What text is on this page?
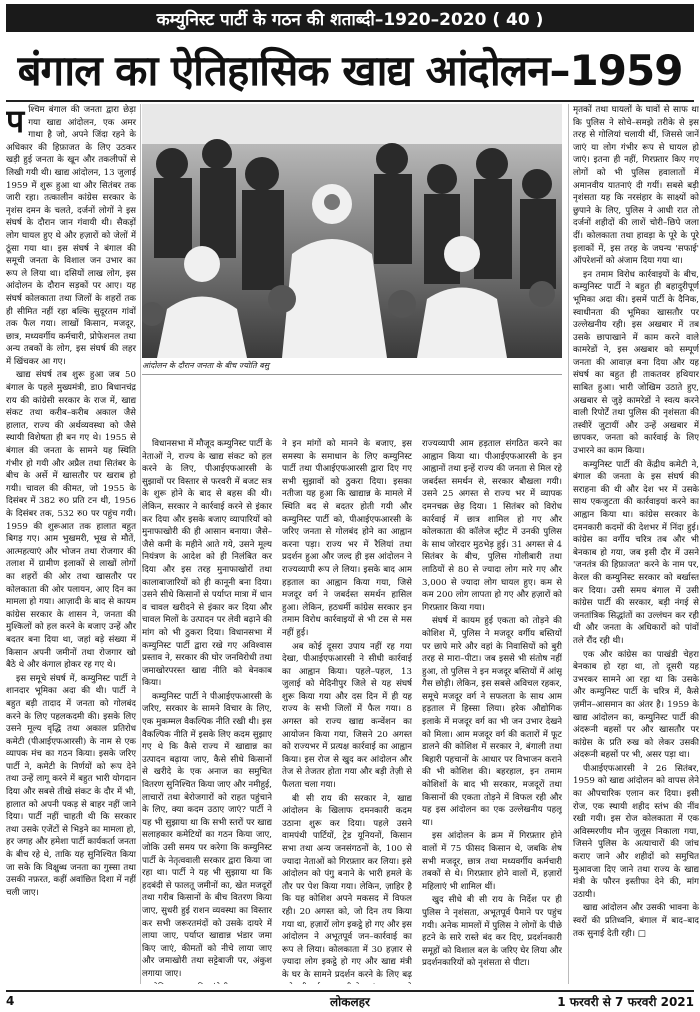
कम्युनिस्ट पार्टी के गठन की शताब्दी–1920–2020 ( 40 )
बंगाल का ऐतिहासिक खाद्य आंदोलन–1959

पश्चिम बंगाल की जनता द्वारा छेड़ा गया खाद्य आंदोलन, एक अमर गाथा है जो, अपने जिंदा रहने के अधिकार की हिफ़ाजत के लिए उठकर खड़ी हुई जनता के खून और तकलीफों से लिखी गयी थी। खाद्य आंदोलन, 13 जुलाई 1959 में शुरू हुआ था और सितंबर तक जारी रहा। तत्कालीन कांग्रेस सरकार के नृशंस दमन के चलते, दर्जनों लोगों ने इस संघर्ष के दौरान जान गंवायी थी। सैकड़ों लोग घायल हुए थे और हज़ारों को जेलों में ठूंसा गया था। इस संघर्ष ने बंगाल की समूची जनता के विशाल जन उभार का रूप ले लिया था। दसियों लाख लोग, इस आंदोलन के दौरान सड़कों पर आए। यह संघर्ष कोलकाता तथा जिलों के शहरों तक ही सीमित नहीं रहा बल्कि सुदूरतम गांवों तक फैल गया। लाखों किसान, मजदूर, छात्र, मध्यवर्गीय कर्मचारी, प्रोफेशनल तथा अन्य तबकों के लोग, इस संघर्ष की लहर में खिंचकर आ गए।

खाद्य संघर्ष तब शुरू हुआ जब 50 बंगाल के पहले मुख्यमंत्री, डा0 बिधानचंद्र राय की कांग्रेसी सरकार के राज में, खाद्य संकट तथा करीब–करीब अकाल जैसे हालात, राज्य की अर्थव्यवस्था को जैसे स्थायी विशेषता ही बन गए थे। 1955 से बंगाल की जनता के सामने यह स्थिति गंभीर हो गयी और अप्रैल तथा सितंबर के बीच के अर्से में खासतौर पर खराब हो गयी। चावल की कीमत, जो 1955 के दिसंबर में 382 रु0 प्रति टन थी, 1956 के दिसंबर तक, 532 रु0 पर पहुंच गयी। 1959 की शुरूआत तक हालात बहुत बिगड़ गए। आम भुखमरी, भूख से मौतें, आत्महत्याएं और भोजन तथा रोजगार की तलाश में ग्रामीण इलाकों से लाखों लोगों का शहरों की ओर तथा खासतौर पर कोलकाता की ओर पलायन, आए दिन का मामला हो गया। आज़ादी के बाद से कायम कांग्रेस सरकार के शासन ने, जनता की मुश्किलों को हल करने के बजाए उन्हें और बदतर बना दिया था, जहां बड़े संख्या में किसान अपनी जमीनों तथा रोजगार खो बैठे थे और कंगाल होकर रह गए थे।

इस समूचे संघर्ष में, कम्युनिस्ट पार्टी ने शानदार भूमिका अदा की थी। पार्टी ने बहुत बड़ी तादाद में जनता को गोलबंद करने के लिए पहलकदमी की। इसके लिए उसने मूल्य वृद्धि तथा अकाल प्रतिरोध कमेटी (पीआईएफआरसी) के नाम से एक व्यापक मंच का गठन किया। इसके जरिए पार्टी ने, कमेटी के निर्णयों को रूप देने तथा उन्हें लागू करने में बहुत भारी योगदान दिया और सबसे तीखे संकट के दौर में भी, हालात को अपनी पकड़ से बाहर नहीं जाने दिया। पार्टी नहीं चाहती थी कि सरकार तथा उसके एजेंटों से भिड़ने का मामला हो, हर जगह और हमेशा पार्टी कार्यकर्ता जनता के बीच रहे थे, ताकि यह सुनिश्चित किया जा सके कि विक्षुब्ध जनता का गुस्सा तथा उसकी नफ़रत, कहीं अवांछित दिशा में नहीं चली जाए।

आंदोलन के दौरान जनता के बीच ज्योति बसु

विधानसभा में मौजूद कम्युनिस्ट पार्टी के नेताओं ने, राज्य के खाद्य संकट को हल करने के लिए, पीआईएफआरसी के सुझावों पर विस्तार से फरवरी में बजट सत्र के शुरू होने के बाद से बहस की थी। लेकिन, सरकार ने कार्रवाई करने से इंकार कर दिया और इसके बजाए व्यापारियों को मुनाफाखोरी की ही आसान बनाया। जैसे–जैसे कमी के महीने आते गये, उसने मूल्य नियंत्रण के आदेश को ही निलंबित कर दिया और इस तरह मुनाफाखोरों तथा कालाबाजारियों को ही कानूनी बना दिया। उसने सीधे किसानों से पर्याप्त मात्रा में धान व चावल खरीदने से इंकार कर दिया और चावल मिलों के उत्पादन पर लेवी बढ़ाने की मांग को भी ठुकरा दिया। विधानसभा में कम्युनिस्ट पार्टी द्वारा रखे गए अविश्वास प्रस्ताव ने, सरकार की घोर जनविरोधी तथा जमाखोरपरस्त खाद्य नीति को बेनकाब किया।

कम्युनिस्ट पार्टी ने पीआईएफआरसी के जरिए, सरकार के सामने विचार के लिए, एक मुकम्मल वैकल्पिक नीति रखी थी। इस वैकल्पिक नीति में इसके लिए कदम सुझाए गए थे कि कैसे राज्य में खाद्यान्न का उत्पादन बढ़ाया जाए, कैसे सीधे किसानों से खरीदे के एक अनाज का समुचित वितरण सुनिश्चित किया जाए और नमीहुई, लाचारों तथा बेरोजगारों को राहत पहुंचाने के लिए, क्या कदम उठाए जाएं? पार्टी ने यह भी सुझाया था कि सभी स्तरों पर खाद्य सलाहकार कमेटियों का गठन किया जाए, जोकि उसी समय पर करेगा कि कम्युनिस्ट पार्टी के नेतृत्ववाली सरकार द्वारा किया जा रहा था। पार्टी ने यह भी सुझाया था कि हदबंदी से फालतू जमीनों का, खेत मजदूरों तथा गरीब किसानों के बीच वितरण किया जाए, सुधरी हुई राशन व्यवस्था का विस्तार कर सभी जरूरतमंदों को उसके दायरे में लाया जाए, पर्याप्त खाद्यान्न भंडार जमा किए जाएं, कीमतों को नीचे लाया जाए और जमाखोरी तथा सट्टेबाजी पर, अंकुश लगाया जाए।

ने इन मांगों को मानने के बजाए, इस समस्या के समाधान के लिए कम्युनिस्ट पार्टी तथा पीआईएफआरसी द्वारा दिए गए सभी सुझावों को ठुकरा दिया। इसका नतीजा यह हुआ कि खाद्यान्न के मामले में स्थिति बद से बदतर होती गयी और कम्युनिस्ट पार्टी को, पीआईएफआरसी के जरिए जनता से गोलबंद होने का आह्वान करना पड़ा। राज्य भर में रैलियां तथा प्रदर्शन हुआ और जल्द ही इस आंदोलन ने राज्यव्यापी रूप ले लिया। इसके बाद आम हड़ताल का आह्वान किया गया, जिसे मजदूर वर्ग ने जबर्दस्त समर्थन हासिल हुआ। लेकिन, हठधर्मी कांग्रेस सरकार इन तमाम विरोध कार्रवाइयों से भी टस से मस नहीं हुई।

अब कोई दूसरा उपाय नहीं रह गया देखा, पीआईएफआरसी ने सीधी कार्रवाई का आह्वान किया। पहले–पहल, 13 जुलाई को मेदिनीपुर जिले से यह संघर्ष शुरू किया गया और दस दिन में ही यह राज्य के सभी जिलों में फैल गया। 8 अगस्त को राज्य खाद्य कन्वेंशन का आयोजन किया गया, जिसने 20 अगस्त को राज्यभर में प्रत्यक्ष कार्रवाई का आह्वान किया। इस रोज से खुद कर आंदोलन और तेज से तेजतर होता गया और बड़ी तेज़ी से फैलता चला गया।

बी सी राय की सरकार ने, खाद्य आंदोलन के खिलाफ दमनकारी कदम उठाना शुरू कर दिया। पहले उसने वामपंथी पार्टियों, ट्रेड यूनियनों, किसान सभा तथा अन्य जनसंगठनों के, 100 से ज्यादा नेताओं को गिरफ़्तार कर लिया। इसे आंदोलन को पंगु बनाने के भारी हमले के तौर पर पेश किया गया। लेकिन, ज़ाहिर है कि यह कोशिश अपने मकसद में विफल रही। 20 अगस्त को, जो दिन तय किया गया था, हज़ारों लोग इकट्ठे हो गए और इस आंदोलन ने अभूतपूर्व जन–कार्रवाई का रूप ले लिया। कोलकाता में 30 हज़ार से ज़्यादा लोग इकट्ठे हो गए और खाद्य मंत्री के घर के सामने प्रदर्शन करने के लिए बढ़

राज्यव्यापी आम हड़ताल संगठित करने का आह्वान किया था। पीआईएफआरसी के इन आह्वानों तथा इन्हें राज्य की जनता से मिल रहे जबर्दस्त समर्थन से, सरकार बौखला गयी। उसने 25 अगस्त से राज्य भर में व्यापक दमनचक्र छेड़ दिया। 1 सितंबर को विरोध कार्रवाई में छात्र शामिल हो गए और कोलकाता की कॉलेज स्ट्रीट में उनकी पुलिस के साथ जोरदार मुठभेड़ हुई। 31 अगस्त से 4 सितंबर के बीच, पुलिस गोलीबारी तथा लाठियों से 80 से ज्यादा लोग मारे गए और 3,000 से ज्यादा लोग घायल हुए। कम से कम 200 लोग लापता हो गए और हज़ारों को गिरफ़्तार किया गया।

संघर्ष में कायम हुई एकता को तोड़ने की कोशिश में, पुलिस ने मजदूर वर्गीय बस्तियों पर छापे मारे और वहां के निवासियों को बुरी तरह से मारा–पीटा। जब इससे भी संतोष नहीं हुआ, तो पुलिस ने इन मजदूर बस्तियों में आंसू गैस छोड़ी। लेकिन, इस सबसे अविचल रहकर, समूचे मजदूर वर्ग ने सफलता के साथ आम हड़ताल में हिस्सा लिया। हरेक औद्योगिक इलाके में मजदूर वर्ग का भी जन उभार देखने को मिला। आम मजदूर वर्ग की कतारों में फूट डालने की कोशिश में सरकार ने, बंगाली तथा बिहारी पहचानों के आधार पर विभाजन कराने की भी कोशिश की। बहरहाल, इन तमाम कोशिशों के बाद भी सरकार, मजदूरों तथा किसानों की एकता तोड़ने में विफल रही और यह इस आंदोलन का एक उल्लेखनीय पहलू था।

इस आंदोलन के क्रम में गिरफ़्तार होने वालों में 75 फीसद किसान थे, जबकि शेष सभी मजदूर, छात्र तथा मध्यवर्गीय कर्मचारी तबकों से थे। गिरफ़्तार होने वालों में, हज़ारों महिलाएं भी शामिल थीं।

खुद सीधे बी सी राय के निर्देश पर ही पुलिस ने नृशंसता, अभूतपूर्व पैमाने पर पहुंच गयी। अनेक मामलों में पुलिस ने लोगों के पीछे हटने के सारे रास्ते बंद कर दिए, प्रदर्शनकारी समूहों को विशाल बल के जरिए घेर लिया और प्रदर्शनकारियों को नृशंसता से पीटा।

मृतकों तथा घायलों के घावों से साफ था कि पुलिस ने सोचे–समझे तरीके से इस तरह से गोलियां चलायी थीं, जिससे जानें जाएं या लोग गंभीर रूप से घायल हो जाएं। इतना ही नहीं, गिरफ़्तार किए गए लोगों को भी पुलिस हवालातों में अमानवीय यातनाएं दी गयीं। सबसे बड़ी नृशंसता यह कि नरसंहार के साक्ष्यों को छुपाने के लिए, पुलिस ने आधी रात तो दर्जनों शहीदों की लाशें चोरी–छिपे जला दीं। कोलकाता तथा हावड़ा के पूरे के पूरे इलाकों में, इस तरह के जघन्य 'सफाई' ऑपरेशनों को अंजाम दिया गया था।

इन तमाम विरोध कार्रवाइयों के बीच, कम्युनिस्ट पार्टी ने बहुत ही बहादुरीपूर्ण भूमिका अदा की। इसमें पार्टी के दैनिक, स्वाधीनता की भूमिका खासतौर पर उल्लेखनीय रही। इस अखबार में तब उसके छापाखाने में काम करने वाले कामरेडों ने, इस अखबार को सम्पूर्ण जनता की आवाज़ बना दिया और यह संघर्ष का बहुत ही ताकतवर हथियार साबित हुआ। भारी जोखिम उठाते हुए, अखबार से जुड़े कामरेडों ने स्वत्य करने वाली रिपोर्टें तथा पुलिस की नृशंसता की तस्वीरें जुटायीं और उन्हें अखबार में छापकर, जनता को कार्रवाई के लिए उभारने का काम किया।

कम्युनिस्ट पार्टी की केंद्रीय कमेटी ने, बंगाल की जनता के इस संघर्ष की सराहना की थी और देश भर में उसके साथ एकजुटता की कार्रवाइयां करने का आह्वान किया था। कांग्रेस सरकार के दमनकारी कदमों की देशभर में निंदा हुई। कांग्रेस का वर्गीय चरित्र तब और भी बेनकाब हो गया, जब इसी दौर में उसने 'जनतंत्र की हिफ़ाजत' करने के नाम पर, केरल की कम्युनिस्ट सरकार को बर्खास्त कर दिया। उसी समय बंगाल में उसी कांग्रेस पार्टी की सरकार, बड़ी नंगई से जनतांत्रिक सिद्धांतों का उल्लंघन कर रही थी और जनता के अधिकारों को पांवों तले रौंद रही थी।

एक और कांग्रेस का पाखंडी चेहरा बेनकाब हो रहा था, तो दूसरी यह उभरकर सामने आ रहा था कि उसके और कम्युनिस्ट पार्टी के चरित्र में, कैसे ज़मीन–आसमान का अंतर है। 1959 के खाद्य आंदोलन का, कम्युनिस्ट पार्टी की अंदरूनी बहसों पर और खासतौर पर कांग्रेस के प्रति रुख को लेकर उसकी अंदरूनी बहसों पर भी, असर पड़ा था।

पीआईएफआरसी ने 26 सितंबर, 1959 को खाद्य आंदोलन को वापस लेने का औपचारिक एलान कर दिया। इसी रोज, एक स्थायी शहीद स्तंभ की नींव रखी गयी। इस रोज कोलकाता में एक अविस्मरणीय मौन जुलूस निकाला गया, जिसने पुलिस के अत्याचारों की जांच कराए जाने और शहीदों को समुचित मुआवजा दिए जाने तथा राज्य के खाद्य मंत्री के फौरन इस्तीफा देने की, मांग उठायी।

खाद्य आंदोलन और उसकी भावना के स्वरों की प्रतिध्वनि, बंगाल में बाद–बाद तक सुनाई देती रही। □

4	लोकलहर	1 फरवरी से 7 फरवरी 2021
